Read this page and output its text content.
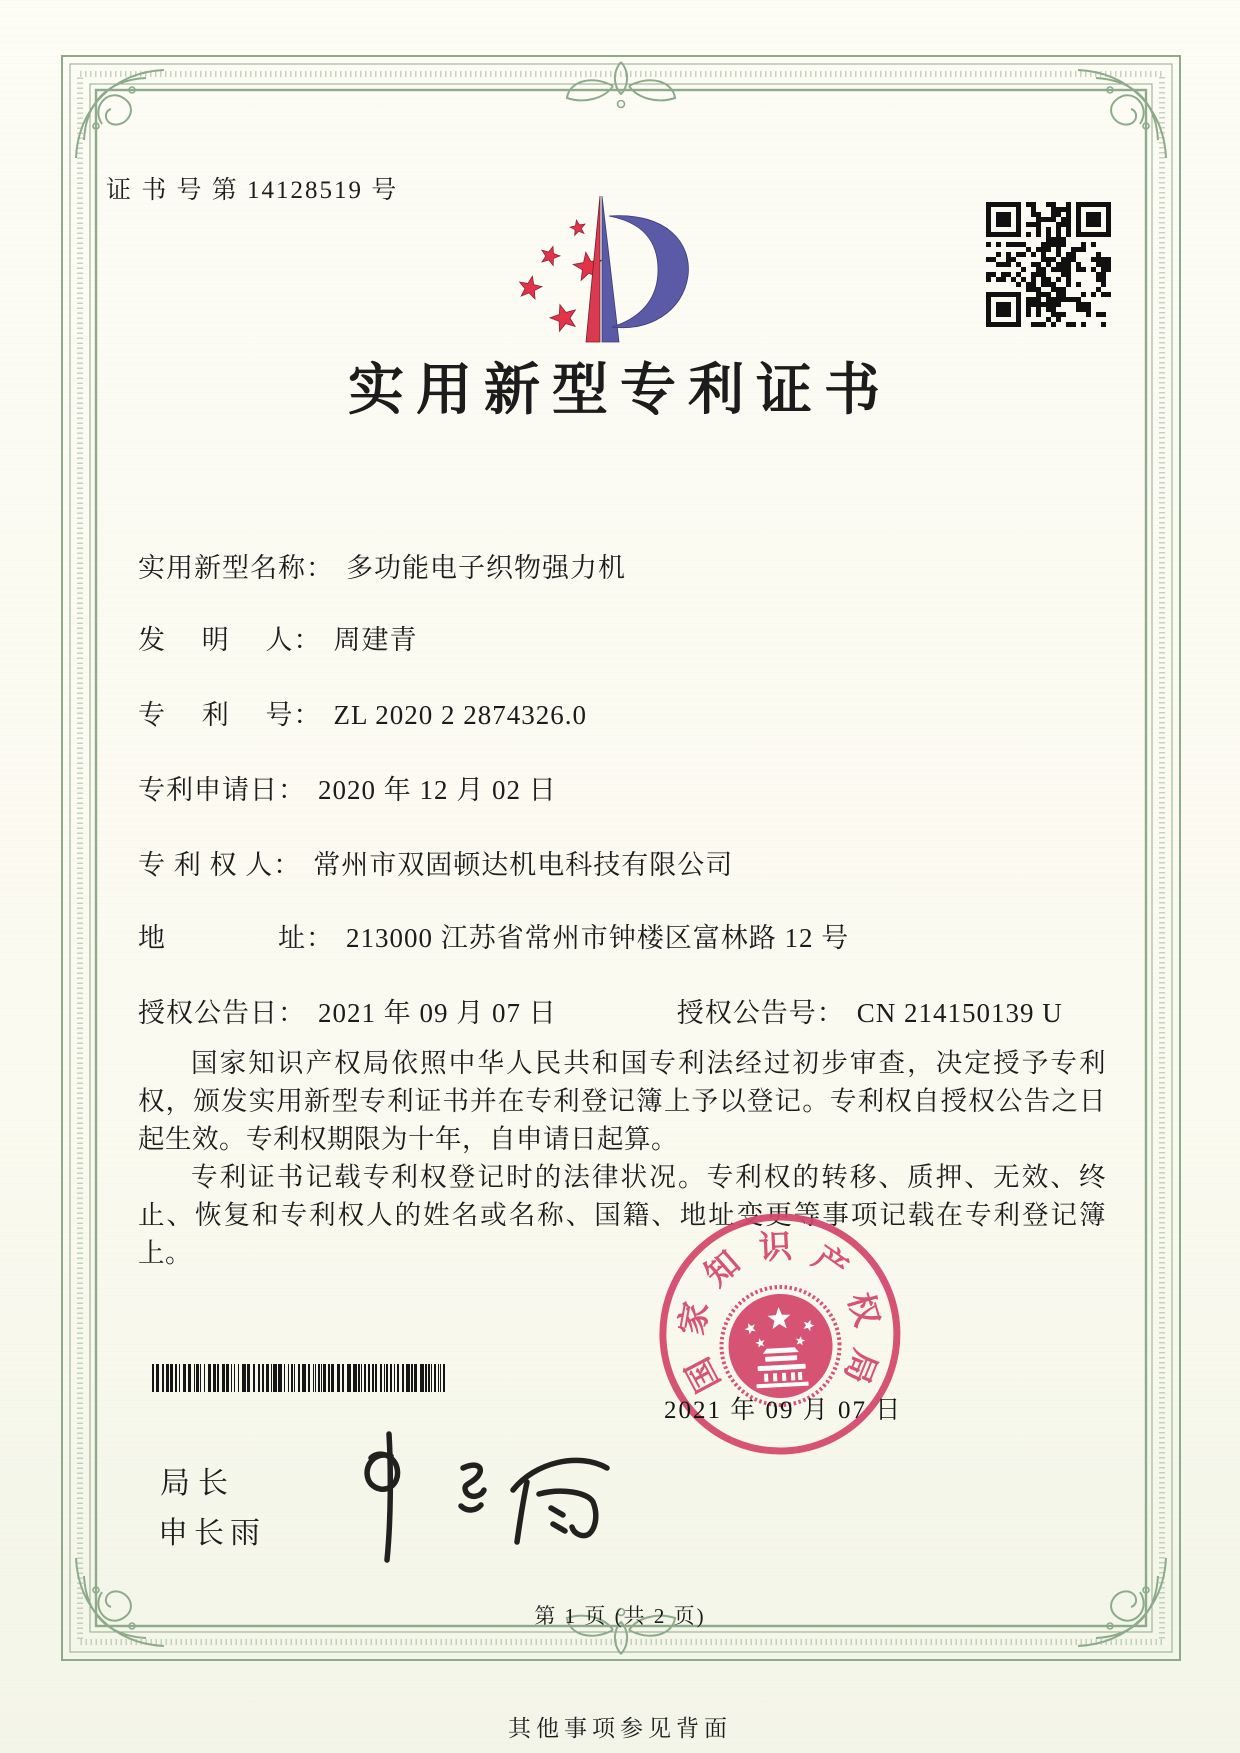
证 书 号 第 14128519 号
实用新型专利证书
实用新型名称： 多功能电子织物强力机
发　 明　 人： 周建青
专　 利　 号： ZL 2020 2 2874326.0
专利申请日： 2020 年 12 月 02 日
专 利 权 人： 常州市双固顿达机电科技有限公司
地　　　　址： 213000 江苏省常州市钟楼区富林路 12 号
授权公告日： 2021 年 09 月 07 日	授权公告号： CN 214150139 U

国家知识产权局依照中华人民共和国专利法经过初步审查，决定授予专利权，颁发实用新型专利证书并在专利登记簿上予以登记。专利权自授权公告之日起生效。专利权期限为十年，自申请日起算。

专利证书记载专利权登记时的法律状况。专利权的转移、质押、无效、终止、恢复和专利权人的姓名或名称、国籍、地址变更等事项记载在专利登记簿上。

局长
申长雨
国
家
知 识 产
权
局
2021 年 09 月 07 日
第 1 页 (共 2 页)
其他事项参见背面
